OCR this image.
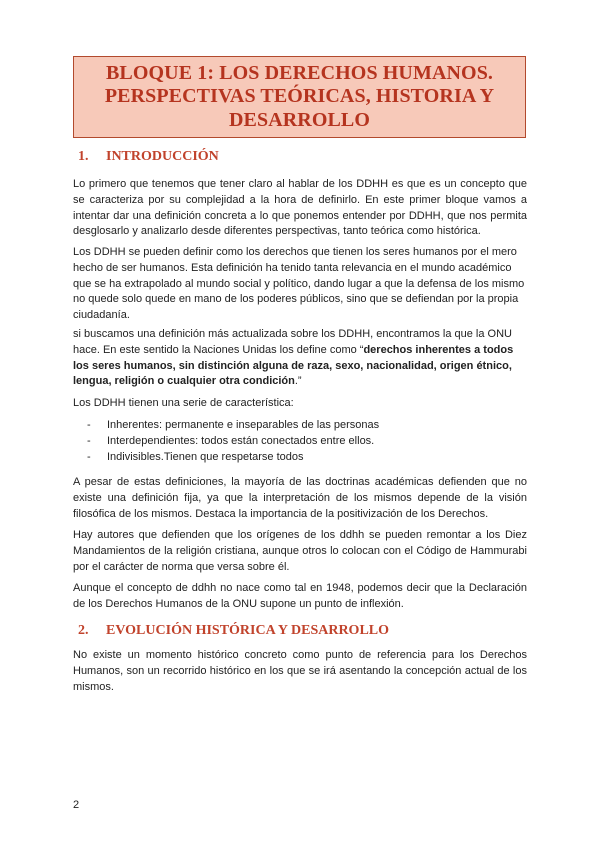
BLOQUE 1: LOS DERECHOS HUMANOS. PERSPECTIVAS TEÓRICAS, HISTORIA Y DESARROLLO
1. INTRODUCCIÓN

Lo primero que tenemos que tener claro al hablar de los DDHH es que es un concepto que se caracteriza por su complejidad a la hora de definirlo. En este primer bloque vamos a intentar dar una definición concreta a lo que ponemos entender por DDHH, que nos permita desglosarlo y analizarlo desde diferentes perspectivas, tanto teórica como histórica.

Los DDHH se pueden definir como los derechos que tienen los seres humanos por el mero hecho de ser humanos. Esta definición ha tenido tanta relevancia en el mundo académico que se ha extrapolado al mundo social y político, dando lugar a que la defensa de los mismo no quede solo quede en mano de los poderes públicos, sino que se defiendan por la propia ciudadanía.

si buscamos una definición más actualizada sobre los DDHH, encontramos la que la ONU hace. En este sentido la Naciones Unidas los define como “derechos inherentes a todos los seres humanos, sin distinción alguna de raza, sexo, nacionalidad, origen étnico, lengua, religión o cualquier otra condición.”

Los DDHH tienen una serie de característica:

- Inherentes: permanente e inseparables de las personas
- Interdependientes: todos están conectados entre ellos.
- Indivisibles.Tienen que respetarse todos

A pesar de estas definiciones, la mayoría de las doctrinas académicas defienden que no existe una definición fija, ya que la interpretación de los mismos depende de la visión filosófica de los mismos. Destaca la importancia de la positivización de los Derechos.

Hay autores que defienden que los orígenes de los ddhh se pueden remontar a los Diez Mandamientos de la religión cristiana, aunque otros lo colocan con el Código de Hammurabi por el carácter de norma que versa sobre él.

Aunque el concepto de ddhh no nace como tal en 1948, podemos decir que la Declaración de los Derechos Humanos de la ONU supone un punto de inflexión.

2. EVOLUCIÓN HISTÓRICA Y DESARROLLO

No existe un momento histórico concreto como punto de referencia para los Derechos Humanos, son un recorrido histórico en los que se irá asentando la concepción actual de los mismos.

2
